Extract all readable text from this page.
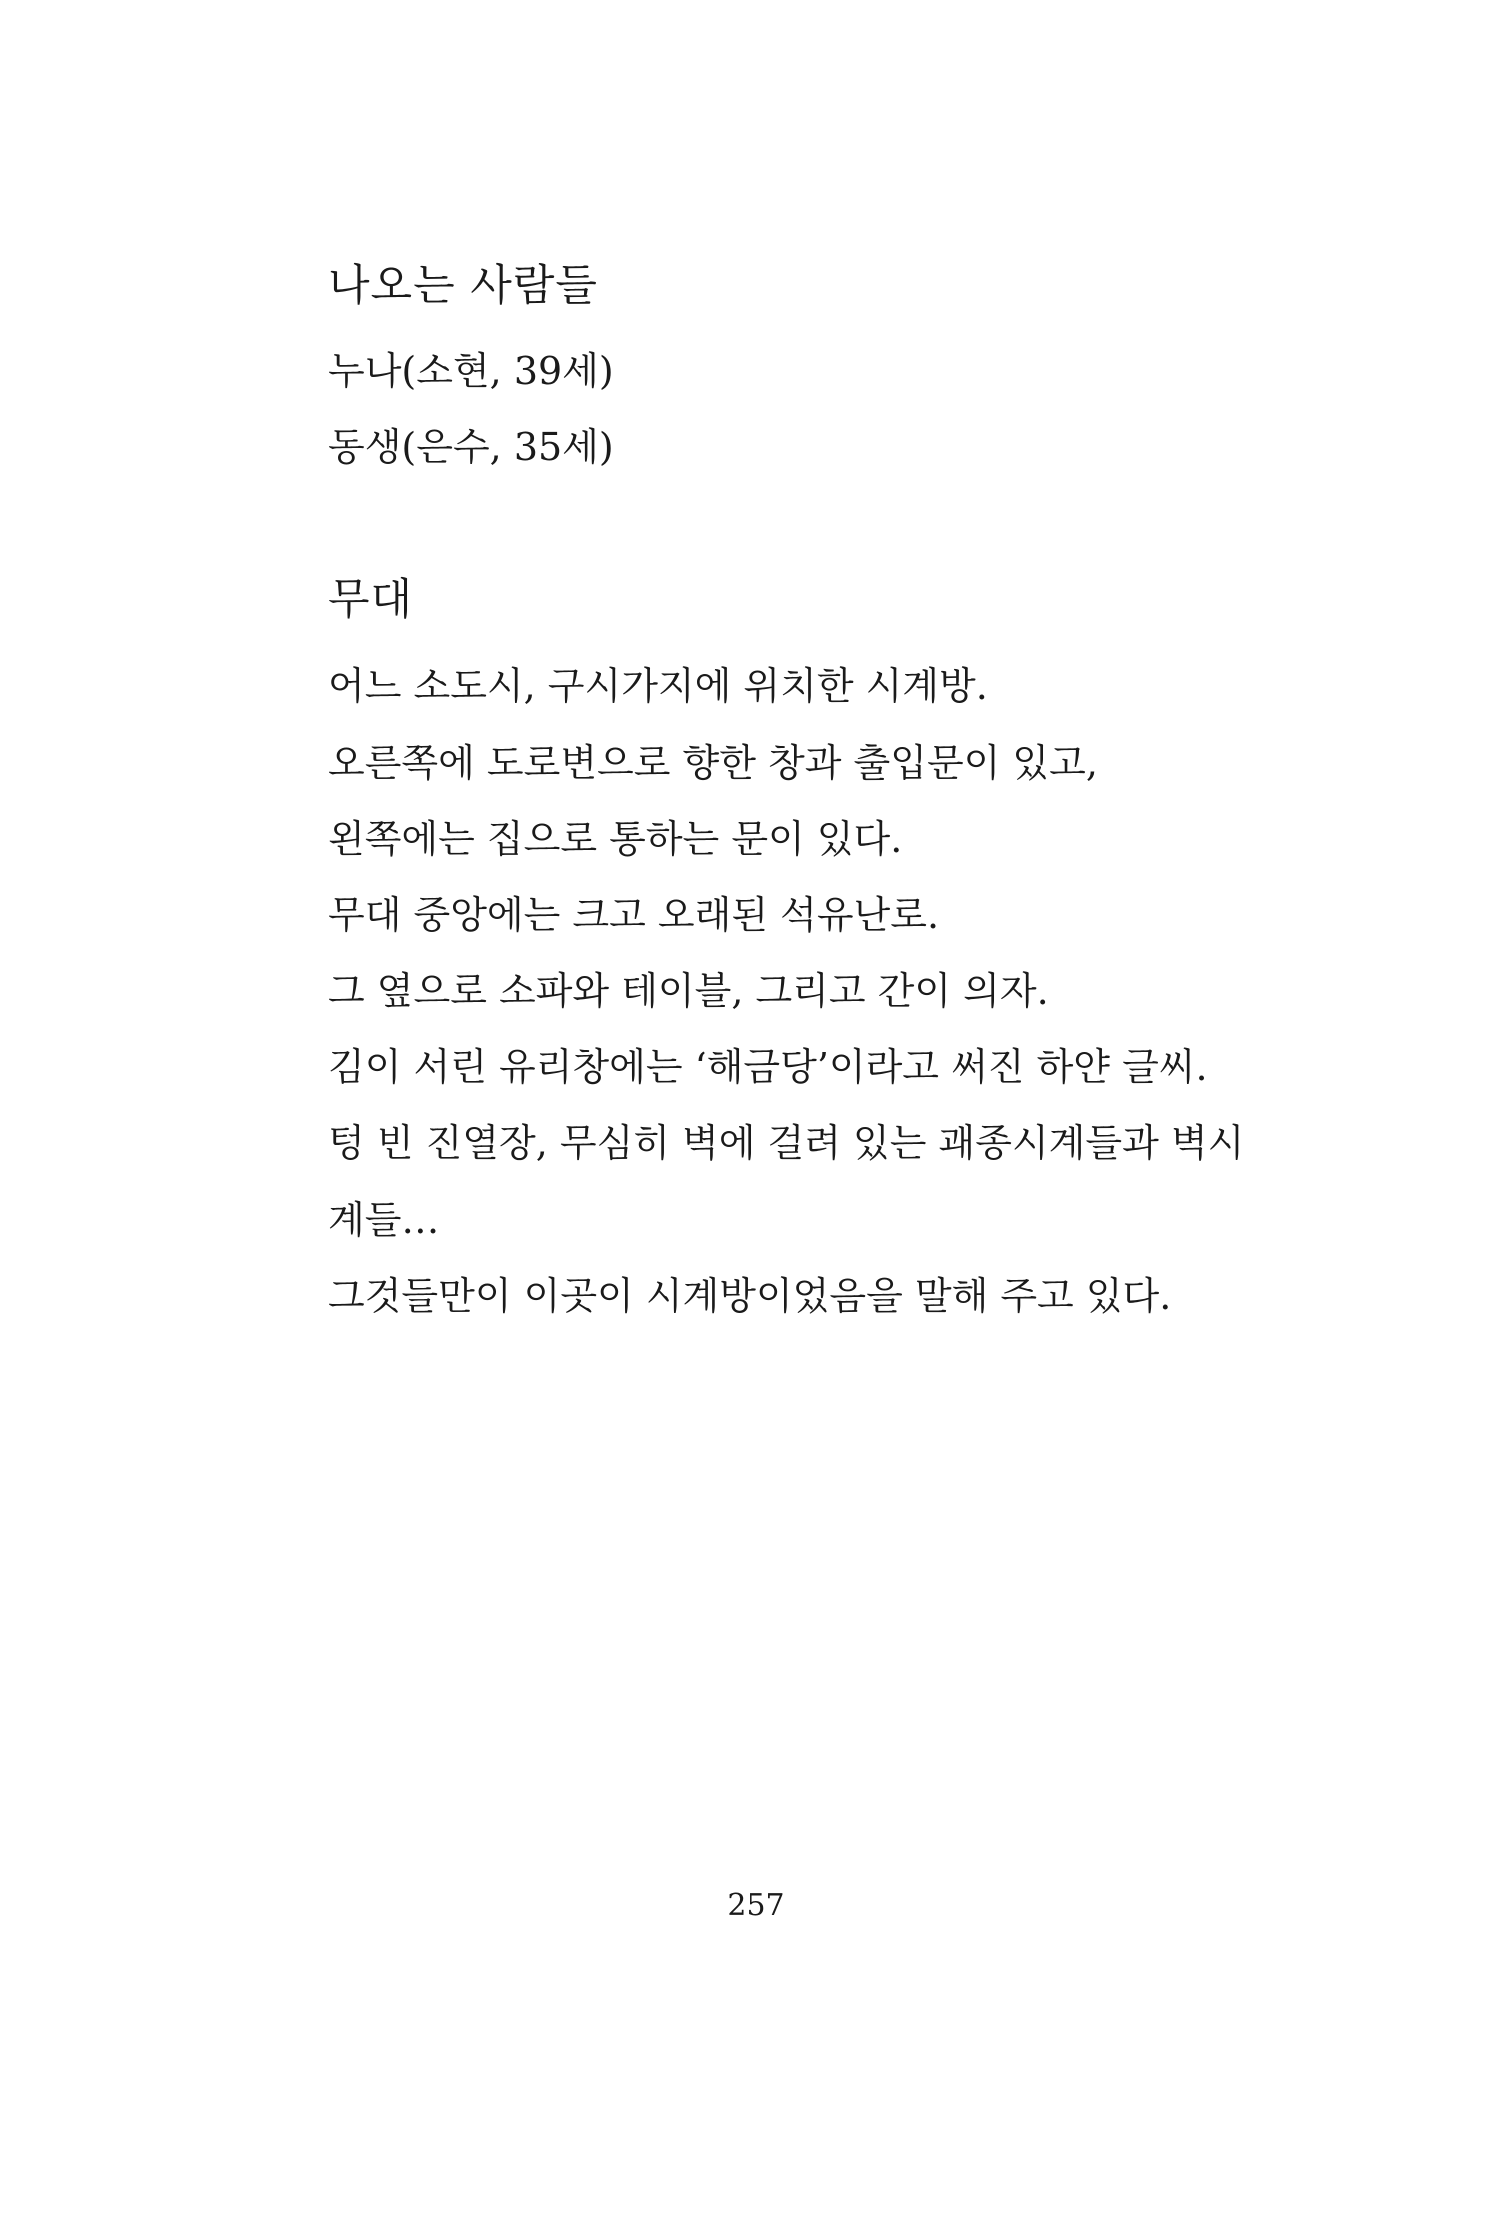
나오는 사람들

누나(소현, 39세)

동생(은수, 35세)

무대

어느 소도시, 구시가지에 위치한 시계방.

오른쪽에 도로변으로 향한 창과 출입문이 있고,

왼쪽에는 집으로 통하는 문이 있다.

무대 중앙에는 크고 오래된 석유난로.

그 옆으로 소파와 테이블, 그리고 간이 의자.

김이 서린 유리창에는 ‘해금당’이라고 써진 하얀 글씨.

텅 빈 진열장, 무심히 벽에 걸려 있는 괘종시계들과 벽시

계들…

그것들만이 이곳이 시계방이었음을 말해 주고 있다.

257
